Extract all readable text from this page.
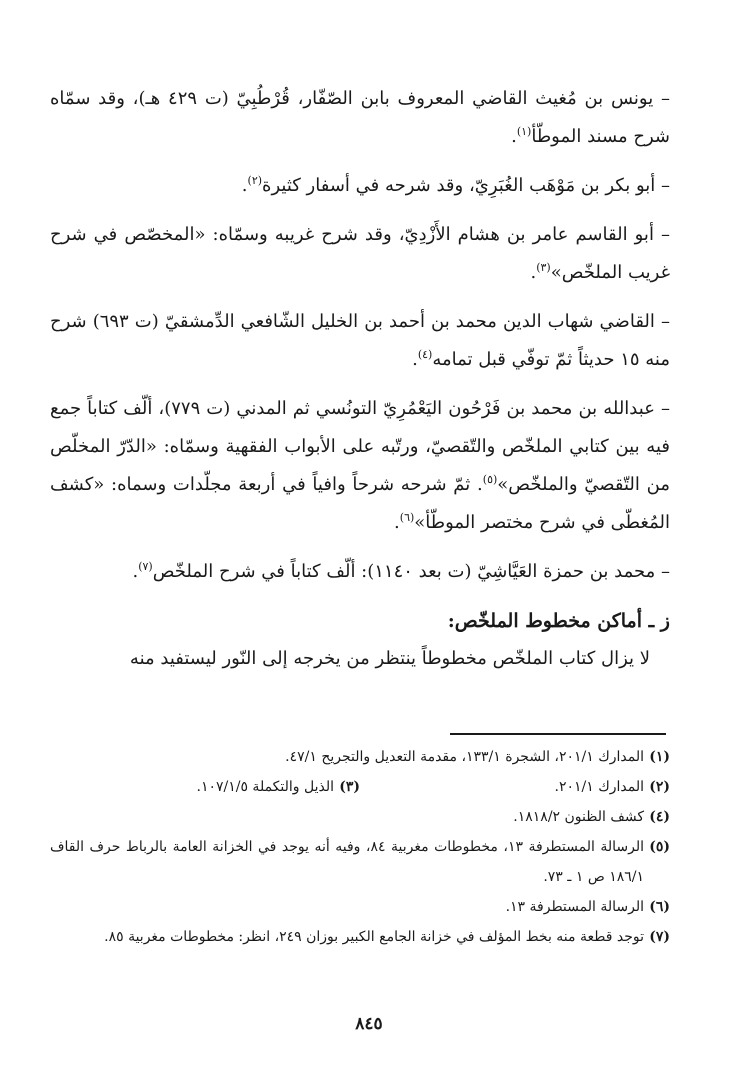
– يونس بن مُغيث القاضي المعروف بابن الصّفّار، قُرْطُبِيّ (ت ٤٢٩ هـ)، وقد سمّاه شرح مسند الموطّأ$^{(١)}$.

– أبو بكر بن مَوْهَب الغُبَرِيّ، وقد شرحه في أسفار كثيرة$^{(٢)}$.

– أبو القاسم عامر بن هشام الأَزْدِيّ، وقد شرح غريبه وسمّاه: «المخصّص في شرح غريب الملخّص»$^{(٣)}$.

– القاضي شهاب الدين محمد بن أحمد بن الخليل الشّافعي الدِّمشقيّ (ت ٦٩٣) شرح منه ١٥ حديثاً ثمّ توفّي قبل تمامه$^{(٤)}$.

– عبدالله بن محمد بن فَرْحُون اليَعْمُرِيّ التونُسي ثم المدني (ت ٧٧٩)، ألّف كتاباً جمع فيه بين كتابي الملخّص والتّقصيّ، ورتّبه على الأبواب الفقهية وسمّاه: «الدّرّ المخلّص من التّقصيّ والملخّص»$^{(٥)}$. ثمّ شرحه شرحاً وافياً في أربعة مجلّدات وسماه: «كشف المُغطّى في شرح مختصر الموطّأ»$^{(٦)}$.

– محمد بن حمزة العَيَّاشِيّ (ت بعد ١١٤٠): ألّف كتاباً في شرح الملخّص$^{(٧)}$.

ز ـ أماكن مخطوط الملخّص:

لا يزال كتاب الملخّص مخطوطاً ينتظر من يخرجه إلى النّور ليستفيد منه

(١)
المدارك ٢٠١/١، الشجرة ١٣٣/١، مقدمة التعديل والتجريح ٤٧/١.
(٢)
المدارك ٢٠١/١.
(٣)
الذيل والتكملة ١٠٧/١/٥.
(٤)
كشف الظنون ١٨١٨/٢.
(٥)
الرسالة المستطرفة ١٣، مخطوطات مغربية ٨٤، وفيه أنه يوجد في الخزانة العامة بالرباط حرف القاف ١٨٦/١ ص ١ ـ ٧٣.
(٦)
الرسالة المستطرفة ١٣.
(٧)
توجد قطعة منه بخط المؤلف في خزانة الجامع الكبير بوزان ٢٤٩، انظر: مخطوطات مغربية ٨٥.
٨٤٥
